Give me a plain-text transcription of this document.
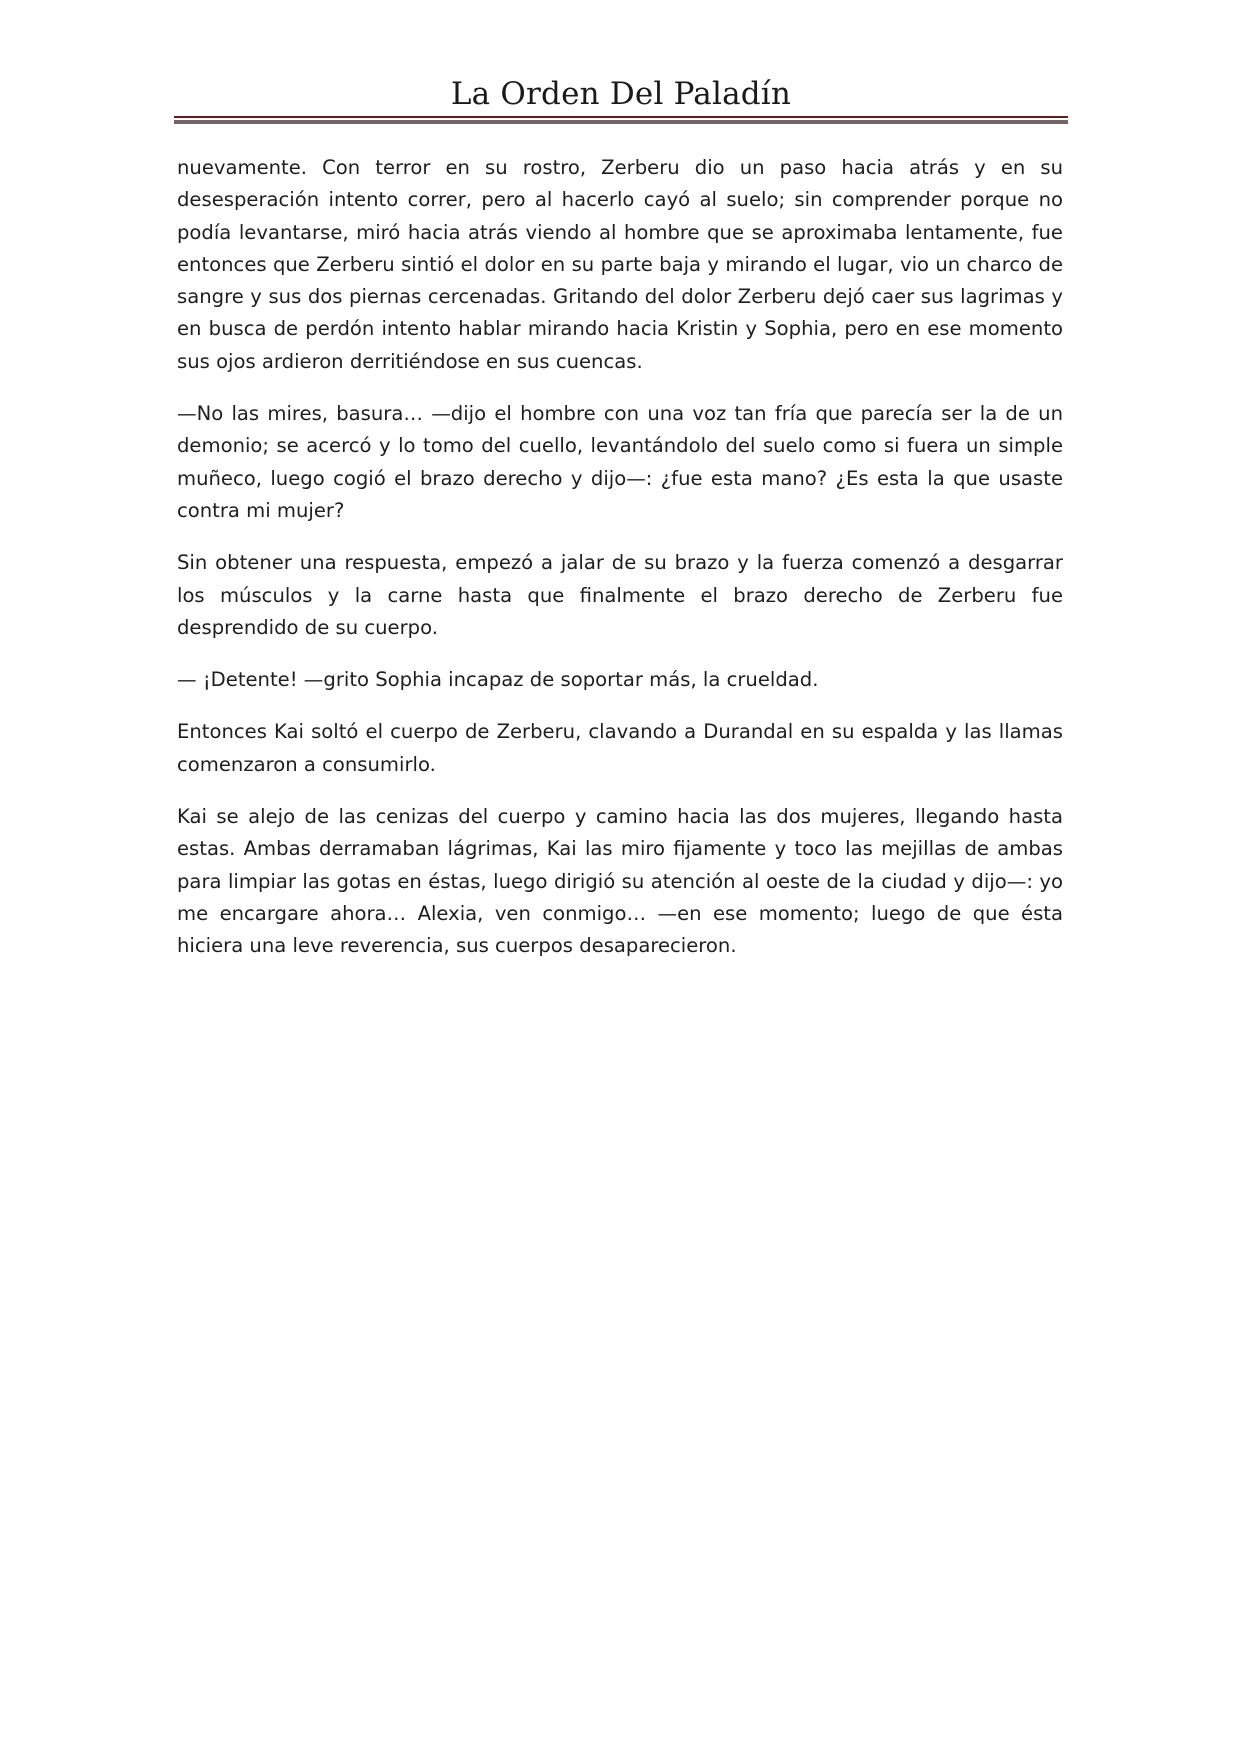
La Orden Del Paladín

nuevamente. Con terror en su rostro, Zerberu dio un paso hacia atrás y en su desesperación intento correr, pero al hacerlo cayó al suelo; sin comprender porque no podía levantarse, miró hacia atrás viendo al hombre que se aproximaba lentamente, fue entonces que Zerberu sintió el dolor en su parte baja y mirando el lugar, vio un charco de sangre y sus dos piernas cercenadas. Gritando del dolor Zerberu dejó caer sus lagrimas y en busca de perdón intento hablar mirando hacia Kristin y Sophia, pero en ese momento sus ojos ardieron derritiéndose en sus cuencas.

—No las mires, basura… —dijo el hombre con una voz tan fría que parecía ser la de un demonio; se acercó y lo tomo del cuello, levantándolo del suelo como si fuera un simple muñeco, luego cogió el brazo derecho y dijo—: ¿fue esta mano? ¿Es esta la que usaste contra mi mujer?

Sin obtener una respuesta, empezó a jalar de su brazo y la fuerza comenzó a desgarrar los músculos y la carne hasta que finalmente el brazo derecho de Zerberu fue desprendido de su cuerpo.

— ¡Detente! —grito Sophia incapaz de soportar más, la crueldad.

Entonces Kai soltó el cuerpo de Zerberu, clavando a Durandal en su espalda y las llamas comenzaron a consumirlo.

Kai se alejo de las cenizas del cuerpo y camino hacia las dos mujeres, llegando hasta estas. Ambas derramaban lágrimas, Kai las miro fijamente y toco las mejillas de ambas para limpiar las gotas en éstas, luego dirigió su atención al oeste de la ciudad y dijo—: yo me encargare ahora… Alexia, ven conmigo… —en ese momento; luego de que ésta hiciera una leve reverencia, sus cuerpos desaparecieron.
